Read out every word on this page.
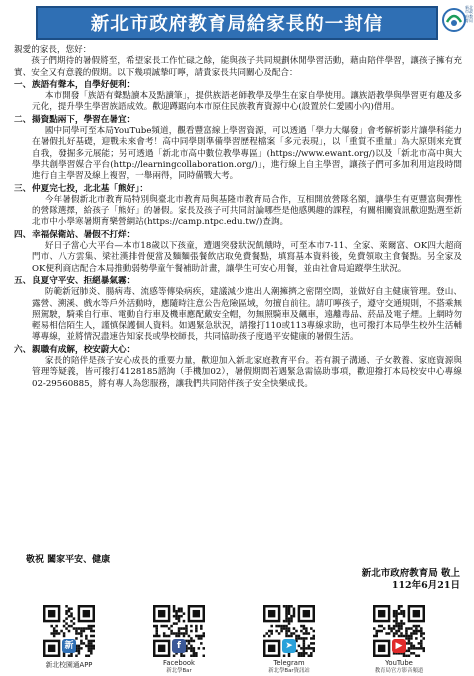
新北市政府教育局給家長的一封信
新北市政府教育局

親愛的家長，您好：

孩子們期待的暑假將至，希望家長工作忙碌之餘，能與孩子共同規劃休閒學習活動，藉由陪伴學習，讓孩子擁有充實、安全又有意義的假期。以下幾項誠摯叮嚀，請貴家長共同關心及配合：

一、 族語有聲本，自學好便利：

本市開發「族語有聲點讀本及點讀筆」，提供族語老師教學及學生在家自學使用。讓族語教學與學習更有趣及多元化，提升學生學習族語成效。歡迎蹲踞向本市原住民族教育資源中心(設置於仁愛國小內)借用。

二、 揚資點兩下，學習在暑宜：

國中同學可至本局YouTube頻道，觀看豐富線上學習資源，可以透過「學力大爆發」會考解析影片讓學科能力在暑假扎好基礎，迎戰未來會考！高中同學則準備學習歷程檔案「多元表現」，以「重質不重量」為大原則來充實自我，發掘多元展能；另可透過「新北市高中數位教學專區」(https://www.ewant.org/)以及「新北市高中與大學共創學習媒合平台(http://learningcollaboration.org/)」，進行線上自主學習，讓孩子們可多加利用這段時間進行自主學習及線上複習，一舉兩得，同時備戰大考。

三、 仲夏完七投，北北基「熊好」：

今年暑假新北市教育局特別與臺北市教育局與基隆市教育局合作，互相開放營隊名額，讓學生有更豐富與彈性的營隊選擇，給孩子「熊好」的暑假。家長及孩子可共同討論哪些是他感興趣的課程，有關相關資訊歡迎點選至新北市中小學寒暑期育樂營網站(https://camp.ntpc.edu.tw/)查詢。

四、 幸福保衛站、暑假不打烊：

好日子當心大平台—本市18歲以下孩童，遭遇突發狀況飢餓時，可至本市7-11、全家、萊爾富、OK四大超商門市、八方雲集、梁社漢排骨便當及麵麵張餐飲店取免費餐點，填寫基本資料後，免費領取主食餐點。另全家及OK便利商店配合本局推動弱勢學童午餐補助計畫，讓學生可安心用餐，並由社會局追蹤學生狀況。

五、 良夏守平安、拒絕暴氣霧：

防範新冠肺炎、腸病毒、流感等傳染病疾，建議減少進出人潮擁擠之密閉空間，並做好自主健康管理。登山、露營、溯溪、戲水等戶外活動時，應隨時注意公告危險區域，勿擅自前往。請叮嚀孩子，遵守交通規則，不搭乘無照駕駛，騎乘自行車、電動自行車及機車應配戴安全帽，勿無照騎車及飆車，遠離毒品、菸品及電子煙。上網時勿輕易相信陌生人，謹慎保護個人資料。如遇緊急狀況，請撥打110或113專線求助，也可撥打本局學生校外生活輔導專線，並將情況盡速告知家長或學校師長，共同協助孩子度過平安健康的暑假生活。

六、 親職有成解，校安蔚大心：

家長的陪伴是孩子安心成長的重要力量，歡迎加入新北家庭教育平台。若有親子溝通、子女教養、家庭資源與管理等疑義，皆可撥打4128185諮詢（手機加02），暑假期間若遇緊急需協助事項，歡迎撥打本局校安中心專線02-29560885，將有專人為您服務，讓我們共同陪伴孩子安全快樂成長。

敬祝 闔家平安、健康
新北市政府教育局 敬上
112年6月21日
新
新北校園通APP
f
Facebook
新北學Bar
➤
Telegram
新北學Bar資訊站
▶
YouTube
教育局官方影音頻道
